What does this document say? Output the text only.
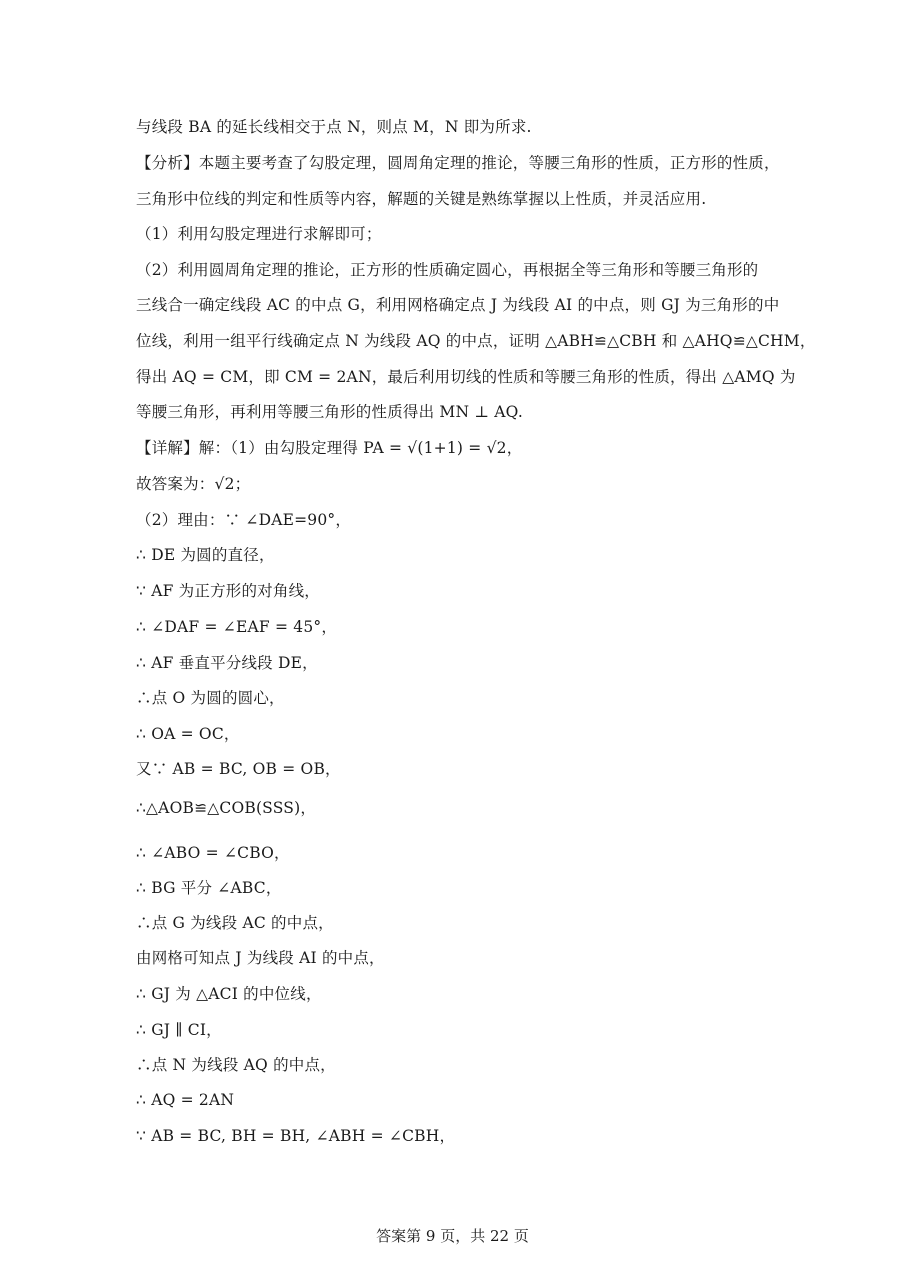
与线段 BA 的延长线相交于点 N，则点 M，N 即为所求.
【分析】本题主要考查了勾股定理，圆周角定理的推论，等腰三角形的性质，正方形的性质，
三角形中位线的判定和性质等内容，解题的关键是熟练掌握以上性质，并灵活应用.
（1）利用勾股定理进行求解即可；
（2）利用圆周角定理的推论，正方形的性质确定圆心，再根据全等三角形和等腰三角形的
三线合一确定线段 AC 的中点 G，利用网格确定点 J 为线段 AI 的中点，则 GJ 为三角形的中
位线，利用一组平行线确定点 N 为线段 AQ 的中点，证明 △ABH≌△CBH 和 △AHQ≌△CHM，
得出 AQ = CM，即 CM = 2AN，最后利用切线的性质和等腰三角形的性质，得出 △AMQ 为
等腰三角形，再利用等腰三角形的性质得出 MN ⊥ AQ.
【详解】解：（1）由勾股定理得 PA = √(1+1) = √2，
故答案为：√2；
（2）理由：∵ ∠DAE=90°，
∴ DE 为圆的直径，
∵ AF 为正方形的对角线，
∴ ∠DAF = ∠EAF = 45°，
∴ AF 垂直平分线段 DE，
∴点 O 为圆的圆心，
∴ OA = OC，
又∵ AB = BC, OB = OB，
∴△AOB≌△COB(SSS)，
∴ ∠ABO = ∠CBO，
∴ BG 平分 ∠ABC，
∴点 G 为线段 AC 的中点，
由网格可知点 J 为线段 AI 的中点，
∴ GJ 为 △ACI 的中位线，
∴ GJ ∥ CI，
∴点 N 为线段 AQ 的中点，
∴ AQ = 2AN
∵ AB = BC, BH = BH, ∠ABH = ∠CBH，
答案第 9 页，共 22 页
